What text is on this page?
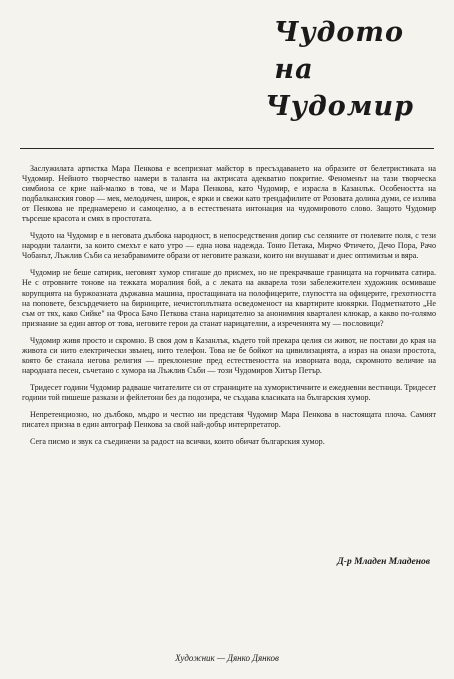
Чудото
на
Чудомир

Заслужилата артистка Мара Пенкова е всепризнат майстор в пресъздаването на образите от белетристиката на Чудомир. Нейното творчество намери в таланта на актрисата адекватно покритие. Феноменът на тази творческа симбиоза се крие най-малко в това, че и Мара Пенкова, като Чудомир, е израсла в Казанлък. Особеността на подбалканския говор — мек, мелодичен, широк, е ярки и свежи като трендафилите от Розовата долина думи, се излива от Пенкова не преднамерено и самоцелно, а в естествената интонация на чудомировото слово. Защото Чудомир търсеше красота и смях в простотата.

Чудото на Чудомир е в неговата дълбока народност, в непосредствения допир със селяните от гюлевите поля, с тези народни таланти, за които смехът е като утро — една нова надежда. Тоню Петака, Мирчо Фтичето, Дечо Пора, Рачо Чобанът, Лъжлив Съби са незабравимите образи от неговите разкази, които ни внушават и днес оптимизъм и вяра.

Чудомир не беше сатирик, неговият хумор стигаше до присмех, но не прекрачваше границата на горчивата сатира. Не с отровните тонове на тежката моралния бой, а с леката на акварела този забележителен художник осмиваше корупцията на буржоазната държавна машина, простащината на полофицерите, глупостта на офицерите, грехотността на поповете, безсърдечието на бирниците, нечистоплътната осведоменост на квартирите кюкярки. Подметнатото „Не съм от тях, како Сийке" на Фроса Бачо Петкова стана нарицателно за анонимния квартален клюкар, а какво по-голямо признание за един автор от това, неговите герои да станат нарицателни, а изреченията му — пословици?

Чудомир живя просто и скромно. В своя дом в Казанлък, където той прекара целия си живот, не постави до края на живота си нито електрически звънец, нито телефон. Това не бе бойкот на цивилизацията, а израз на онази простота, която бе станала негова религия — преклонение пред естествеността на изворната вода, скромното величие на народната песен, съчетано с хумора на Лъжлив Съби — този Чудомиров Хитър Петър.

Тридесет години Чудомир радваше читателите си от страниците на хумористичните и ежедневни вестници. Тридесет години той пишеше разкази и фейлетони без да подозира, че създава класиката на българския хумор.

Непретенциозно, но дълбоко, мъдро и честно ни представя Чудомир Мара Пенкова в настоящата плоча. Самият писател призна в един автограф Пенкова за свой най-добър интерпретатор.

Сега писмо и звук са съединени за радост на всички, които обичат българския хумор.

Д-р Младен Младенов
Художник — Дянко Дянков
